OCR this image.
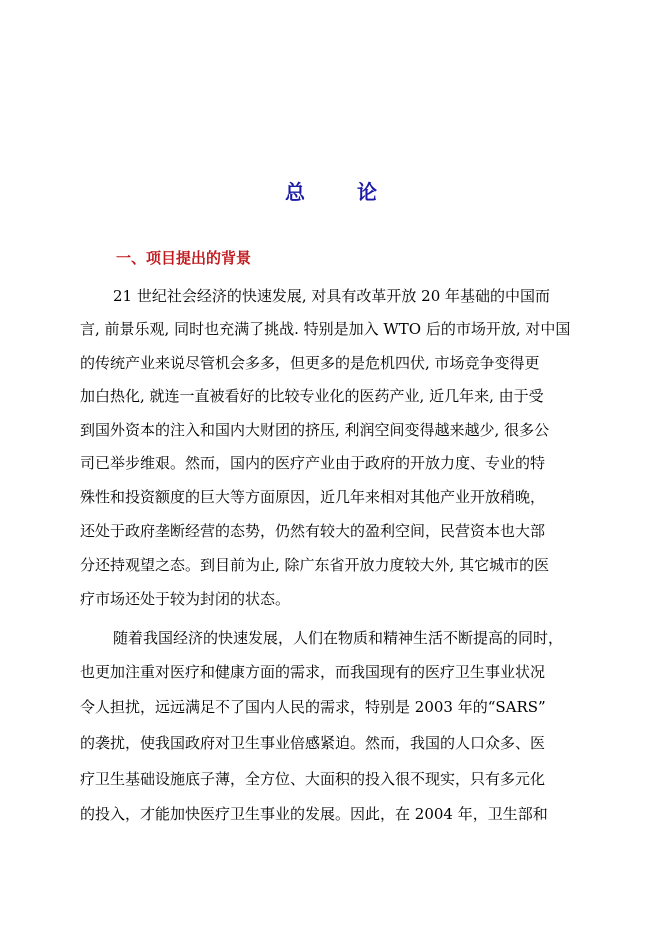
总	论
一、项目提出的背景
21 世纪社会经济的快速发展, 对具有改革开放 20 年基础的中国而
言, 前景乐观, 同时也充满了挑战. 特别是加入 WTO 后的市场开放, 对中国
的传统产业来说尽管机会多多，但更多的是危机四伏, 市场竞争变得更
加白热化, 就连一直被看好的比较专业化的医药产业, 近几年来, 由于受
到国外资本的注入和国内大财团的挤压, 利润空间变得越来越少, 很多公
司已举步维艰。然而，国内的医疗产业由于政府的开放力度、专业的特
殊性和投资额度的巨大等方面原因，近几年来相对其他产业开放稍晚，
还处于政府垄断经营的态势，仍然有较大的盈利空间，民营资本也大部
分还持观望之态。到目前为止, 除广东省开放力度较大外, 其它城市的医
疗市场还处于较为封闭的状态。
随着我国经济的快速发展，人们在物质和精神生活不断提高的同时，
也更加注重对医疗和健康方面的需求，而我国现有的医疗卫生事业状况
令人担扰，远远满足不了国内人民的需求，特别是 2003 年的“SARS”
的袭扰，使我国政府对卫生事业倍感紧迫。然而，我国的人口众多、医
疗卫生基础设施底子薄，全方位、大面积的投入很不现实，只有多元化
的投入，才能加快医疗卫生事业的发展。因此，在 2004 年，卫生部和
